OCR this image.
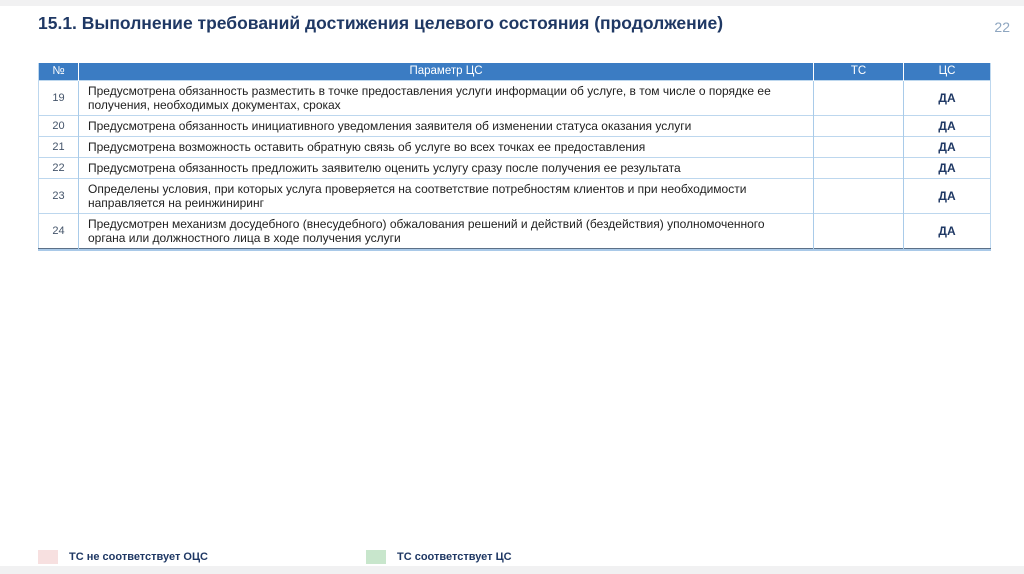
15.1. Выполнение требований достижения целевого состояния (продолжение)	22
№	Параметр ЦС	ТС	ЦС
19	Предусмотрена обязанность разместить в точке предоставления услуги информации об услуге, в том числе о порядке ее получения, необходимых документах, сроках		ДА
20	Предусмотрена обязанность инициативного уведомления заявителя об изменении статуса оказания услуги		ДА
21	Предусмотрена возможность оставить обратную связь об услуге во всех точках ее предоставления		ДА
22	Предусмотрена обязанность предложить заявителю оценить услугу сразу после получения ее результата		ДА
23	Определены условия, при которых услуга проверяется на соответствие потребностям клиентов и при необходимости направляется на реинжиниринг		ДА
24	Предусмотрен механизм досудебного (внесудебного) обжалования решений и действий (бездействия) уполномоченного органа или должностного лица в ходе получения услуги		ДА
ТС не соответствует ОЦС	ТС соответствует ЦС
